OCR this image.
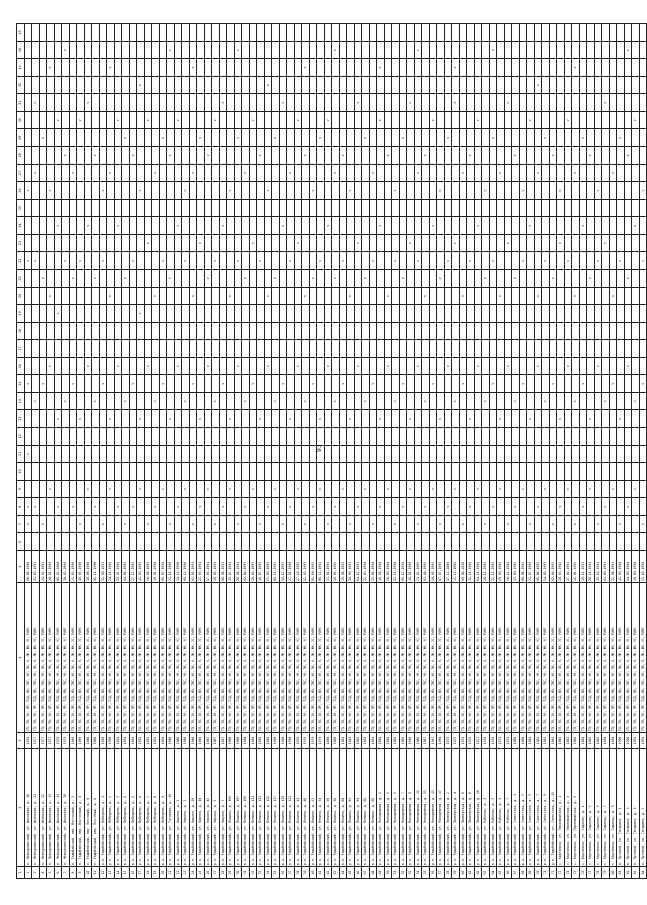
93
1	2	3	4	5	6	7	8	9	10	11	12	13	14	15	16	17	18	19	20	21	22	23	24	25	26	27	28	29	30	31	32	33	34	35
2	п. Новоурвинский, ул. Школьная, д. 10	1978	ТП, ТО, ЗО, ПР, ТСД, ВО, ГВС, УО, ПХ, К, ЛК, ФК, ЭС, РАМС	08.06.1990		v	v			v				v							v				v									
3	п. Новоурвинский, ул. Школьная, д. 11	1977	ТП, ТО, ЗО, ПР, ТСД, ВО, ГВС, УО, ПХ, К, ЛК, ФК, ЭС, РАМС	21.05.1991			v						v								v					v				v				
4	п. Новоурвинский, ул. Школьная, д. 12	1977	ТП, ТО, ЗО, ПР, ТСД, ВО, ГВС, УО, ПХ, К, ЛК, ФК, ЭС, РАМС	24.02.1991		v								v						v								v						
5	п. Новоурвинский, ул. Школьная, д. 13	1977	ТП, ТО, ЗО, ПР, ТСД, ВО, ГВС, УО, ПХ, К, ЛК, ФК, ЭС, РАМС	20.01.1991				v							v				v						v							v		
6	п. Новоурвинский, ул. Школьная, д. 14	1979	ТП, ТО, ЗО, ПР, ТСД, ВО, ГВС, УО, ПХ, К, ЛК, ФК, ЭС, РАМС	06.02.2004			v					v						v					v						v					
7	п. Новоурвинский, ул. Школьная, д. 16	1979	ТП, ТО, ЗО, ПР, ТСД, ВО, ГВС, УО, ПХ, К, ЛК, ФК, ЭС, РАМС	30.03.2004									v								v						v						v	
8	п. Тадыбейский, пер. Восточный, д. 2	1989	ТП, ТО, ЗО, ПР, ТСД, ВО, ГВС, УО, ПХ, К, ЛК, ФК, ЭС, РАМС	23.03.1990			v							v						v						v								
9	п. Тадыбейский, пер. Восточный, д. 4	1989	ТП, ТО, ЗО, ПР, ТСД, ВО, ГВС, УО, ПХ, К, ЛК, ФК, ЭС, РАМС	10.05.1990		v						v									v								v					
10	п. Тадыбейский, пер. Почтовый, д. 6	1988	ТП, ТО, ЗО, ПР, ТСД, ВО, ГВС, УО, ПХ, К, ЛК, ФК, ЭС, РАМС	18.08.1990				v							v								v							v				
11	п. Тадыбейский, пер. Почтовый, д. 8	1988	ТП, ТО, ЗО, ПР, ТСД, ВО, ГВС, УО, ПХ, К, ЛК, ФК, ЭС, РАМС	01.11.1990			v						v							v							v							
12	р.п. Тадыбейский, ул. Лебедева, д. 1	1990	ТП, ТО, ЗО, ПР, ТСД, ВО, ГВС, УО, ПХ, К, ЛК, ФК, ЭС, РАМС	12.09.1991		v								v							v				v									
13	р.п. Тадыбейский, ул. Лебедева, д. 2	1990	ТП, ТО, ЗО, ПР, ТСД, ВО, ГВС, УО, ПХ, К, ЛК, ФК, ЭС, РАМС	24.11.1992				v				v							v							v						v		
14	р.п. Тадыбейский, ул. Лебедева, д. 3	1991	ТП, ТО, ЗО, ПР, ТСД, ВО, ГВС, УО, ПХ, К, ЛК, ФК, ЭС, РАМС	19.02.1992			v								v								v						v					
15	р.п. Тадыбейский, ул. Лебедева, д. 4	1991	ТП, ТО, ЗО, ПР, ТСД, ВО, ГВС, УО, ПХ, К, ЛК, ФК, ЭС, РАМС	04.06.1992		v							v							v								v						
16	р.п. Тадыбейский, ул. Лебедева, д. 5	1992	ТП, ТО, ЗО, ПР, ТСД, ВО, ГВС, УО, ПХ, К, ЛК, ФК, ЭС, РАМС	27.12.1992			v							v							v						v							
17	р.п. Тадыбейский, ул. Лебедева, д. 6	1992	ТП, ТО, ЗО, ПР, ТСД, ВО, ГВС, УО, ПХ, К, ЛК, ФК, ЭС, РАМС	11.03.1993				v				v						v							v						v			
18	р.п. Тадыбейский, ул. Лебедева, д. 7	1993	ТП, ТО, ЗО, ПР, ТСД, ВО, ГВС, УО, ПХ, К, ЛК, ФК, ЭС, РАМС	30.08.1993		v									v							v							v					
19	р.п. Тадыбейский, ул. Лебедева, д. 8	1993	ТП, ТО, ЗО, ПР, ТСД, ВО, ГВС, УО, ПХ, К, ЛК, ФК, ЭС, РАМС	16.01.1994			v						v						v							v								
20	р.п. Тадыбейский, ул. Лебедева, д. 9	1994	ТП, ТО, ЗО, ПР, ТСД, ВО, ГВС, УО, ПХ, К, ЛК, ФК, ЭС, РАМС	05.07.1994				v						v							v							v						
21	р.п. Тадыбейский, ул. Гагарина, д. 19	1988	ТП, ТО, ЗО, ПР, ТСД, ВО, ГВС, УО, ПХ, К, ЛК, ФК, ЭС, РАМС	25.10.1990		v						v								v							v						v	
22	р.п. Тадыбейский, ул. Кирова, д. 1	1986	ТП, ТО, ЗО, ПР, ТСД, ВО, ГВС, УО, ПХ, К, ЛК, ФК, ЭС, РАМС	14.11.1990			v								v								v						v					
23	р.п. Тадыбейский, ул. Кирова, д. 3	1986	ТП, ТО, ЗО, ПР, ТСД, ВО, ГВС, УО, ПХ, К, ЛК, ФК, ЭС, РАМС	09.12.1990				v					v								v				v									
24	р.п. Тадыбейский, ул. Кирова, д. 28	1986	ТП, ТО, ЗО, ПР, ТСД, ВО, ГВС, УО, ПХ, К, ЛК, ФК, ЭС, РАМС	03.02.1991		v								v					v							v						v		
25	р.п. Тадыбейский, ул. Кирова, д. 40	1986	ТП, ТО, ЗО, ПР, ТСД, ВО, ГВС, УО, ПХ, К, ЛК, ФК, ЭС, РАМС	22.03.1991			v					v										v						v						
26	р.п. Тадыбейский, ул. Кирова, д. 42	1987	ТП, ТО, ЗО, ПР, ТСД, ВО, ГВС, УО, ПХ, К, ЛК, ФК, ЭС, РАМС	17.04.1991				v							v					v							v							
27	р.п. Тадыбейский, ул. Кирова, д. 5	1987	ТП, ТО, ЗО, ПР, ТСД, ВО, ГВС, УО, ПХ, К, ЛК, ФК, ЭС, РАМС	28.05.1991		v							v								v								v					
28	р.п. Тадыбейский, ул. Кирова, д. 7	1987	ТП, ТО, ЗО, ПР, ТСД, ВО, ГВС, УО, ПХ, К, ЛК, ФК, ЭС, РАМС	06.06.1991			v							v									v							v				
29	р.п. Тадыбейский, ул. Ленина, д. 105	1988	ТП, ТО, ЗО, ПР, ТСД, ВО, ГВС, УО, ПХ, К, ЛК, ФК, ЭС, РАМС	15.07.1991				v				v							v						v									
30	р.п. Тадыбейский, ул. Ленина, д. 107	1988	ТП, ТО, ЗО, ПР, ТСД, ВО, ГВС, УО, ПХ, К, ЛК, ФК, ЭС, РАМС	26.08.1991		v									v						v							v					v	
31	р.п. Тадыбейский, ул. Ленина, д. 109	1988	ТП, ТО, ЗО, ПР, ТСД, ВО, ГВС, УО, ПХ, К, ЛК, ФК, ЭС, РАМС	02.04.1993			v						v							v						v								
32	р.п. Тадыбейский, ул. Ленина, д. 111	1989	ТП, ТО, ЗО, ПР, ТСД, ВО, ГВС, УО, ПХ, К, ЛК, ФК, ЭС, РАМС	19.05.1993				v						v								v							v					
33	р.п. Тадыбейский, ул. Ленина, д. 113	1989	ТП, ТО, ЗО, ПР, ТСД, ВО, ГВС, УО, ПХ, К, ЛК, ФК, ЭС, РАМС	10.07.1993		v						v									v						v							
34	р.п. Тадыбейский, ул. Ленина, д. 115	1989	ТП, ТО, ЗО, ПР, ТСД, ВО, ГВС, УО, ПХ, К, ЛК, ФК, ЭС, РАМС	23.09.1993			v								v				v						v						v			
35	р.п. Тадыбейский, ул. Ленина, д. 117	1990	ТП, ТО, ЗО, ПР, ТСД, ВО, ГВС, УО, ПХ, К, ЛК, ФК, ЭС, РАМС	08.11.1993				v					v							v								v						
36	р.п. Тадыбейский, ул. Ленина, д. 119	1990	ТП, ТО, ЗО, ПР, ТСД, ВО, ГВС, УО, ПХ, К, ЛК, ФК, ЭС, РАМС	14.12.1993		v								v									v							v				
37	р.п. Тадыбейский, ул. Ленина, д. 121	1990	ТП, ТО, ЗО, ПР, ТСД, ВО, ГВС, УО, ПХ, К, ЛК, ФК, ЭС, РАМС	27.01.1994			v					v									v					v								
38	р.п. Тадыбейский, ул. Ленина, д. 44	1976	ТП, ТО, ЗО, ПР, ТСД, ВО, ГВС, УО, ПХ, К, ЛК, ФК, ЭС, РАМС	27.10.1992				v							v							v							v					
39	р.п. Тадыбейский, ул. Ленина, д. 48	1976	ТП, ТО, ЗО, ПР, ТСД, ВО, ГВС, УО, ПХ, К, ЛК, ФК, ЭС, РАМС	11.03.1992		v							v						v								v					v		
40	р.п. Тадыбейский, ул. Ленина, д. 52	1979	ТП, ТО, ЗО, ПР, ТСД, ВО, ГВС, УО, ПХ, К, ЛК, ФК, ЭС, РАМС	01.09.1992			v							v						v					v									
41	р.п. Тадыбейский, ул. Ленина, д. 54	1979	ТП, ТО, ЗО, ПР, ТСД, ВО, ГВС, УО, ПХ, К, ЛК, ФК, ЭС, РАМС	06.11.1992				v				v									v							v						
42	р.п. Тадыбейский, ул. Ленина, д. 56	1980	ТП, ТО, ЗО, ПР, ТСД, ВО, ГВС, УО, ПХ, К, ЛК, ФК, ЭС, РАМС	13.02.1993		v									v								v						v					
43	р.п. Тадыбейский, ул. Ленина, д. 58	1980	ТП, ТО, ЗО, ПР, ТСД, ВО, ГВС, УО, ПХ, К, ЛК, ФК, ЭС, РАМС	20.05.1993			v						v							v						v							v	
44	р.п. Тадыбейский, ул. Ленина, д. 60	1981	ТП, ТО, ЗО, ПР, ТСД, ВО, ГВС, УО, ПХ, К, ЛК, ФК, ЭС, РАМС	29.06.1993				v						v							v						v							
45	р.п. Тадыбейский, ул. Ленина, д. 62	1981	ТП, ТО, ЗО, ПР, ТСД, ВО, ГВС, УО, ПХ, К, ЛК, ФК, ЭС, РАМС	18.09.1993		v						v							v						v									
46	р.п. Тадыбейский, ул. Ленина, д. 64	1982	ТП, ТО, ЗО, ПР, ТСД, ВО, ГВС, УО, ПХ, К, ЛК, ФК, ЭС, РАМС	04.12.1993			v								v							v								v				
47	р.п. Тадыбейский, ул. Ленина, д. 66	1982	ТП, ТО, ЗО, ПР, ТСД, ВО, ГВС, УО, ПХ, К, ЛК, ФК, ЭС, РАМС	22.03.1994				v					v							v								v						
48	р.п. Тадыбейский, ул. Ленина, д. 68	1983	ТП, ТО, ЗО, ПР, ТСД, ВО, ГВС, УО, ПХ, К, ЛК, ФК, ЭС, РАМС	15.06.1994		v								v							v					v								
49	р.п. Тадыбейский, ул. Молодежная, д. 1	1984	ТП, ТО, ЗО, ПР, ТСД, ВО, ГВС, УО, ПХ, К, ЛК, ФК, ЭС, РАМС	10.08.1994			v					v											v						v			v		
50	р.п. Тадыбейский, ул. Молодежная, д. 3	1984	ТП, ТО, ЗО, ПР, ТСД, ВО, ГВС, УО, ПХ, К, ЛК, ФК, ЭС, РАМС	28.09.1994				v							v				v								v							
51	р.п. Тадыбейский, ул. Молодежная, д. 5	1985	ТП, ТО, ЗО, ПР, ТСД, ВО, ГВС, УО, ПХ, К, ЛК, ФК, ЭС, РАМС	12.11.1994		v							v								v				v									
52	р.п. Тадыбейский, ул. Молодежная, д. 7	1985	ТП, ТО, ЗО, ПР, ТСД, ВО, ГВС, УО, ПХ, К, ЛК, ФК, ЭС, РАМС	05.12.1994			v							v						v								v						
53	р.п. Тадыбейский, ул. Молодежная, д. 9	1986	ТП, ТО, ЗО, ПР, ТСД, ВО, ГВС, УО, ПХ, К, ЛК, ФК, ЭС, РАМС	16.01.1995				v				v										v								v				
54	р.п. Тадыбейский, ул. Молодежная, д. 11	1986	ТП, ТО, ЗО, ПР, ТСД, ВО, ГВС, УО, ПХ, К, ЛК, ФК, ЭС, РАМС	24.02.1995		v									v						v					v							v	
55	р.п. Тадыбейский, ул. Молодежная, д. 13	1987	ТП, ТО, ЗО, ПР, ТСД, ВО, ГВС, УО, ПХ, К, ЛК, ФК, ЭС, РАМС	03.04.1995			v						v						v								v							
56	р.п. Тадыбейский, ул. Молодежная, д. 15	1987	ТП, ТО, ЗО, ПР, ТСД, ВО, ГВС, УО, ПХ, К, ЛК, ФК, ЭС, РАМС	19.05.1995				v						v									v						v					
57	р.п. Тадыбейский, ул. Молодежная, д. 17	1988	ТП, ТО, ЗО, ПР, ТСД, ВО, ГВС, УО, ПХ, К, ЛК, ФК, ЭС, РАМС	07.07.1995		v						v								v					v									
58	р.п. Тадыбейский, ул. Пионерская, д. 2	1975	ТП, ТО, ЗО, ПР, ТСД, ВО, ГВС, УО, ПХ, К, ЛК, ФК, ЭС, РАМС	17.12.2009			v								v						v							v						
59	р.п. Тадыбейский, ул. Пионерская, д. 4	1975	ТП, ТО, ЗО, ПР, ТСД, ВО, ГВС, УО, ПХ, К, ЛК, ФК, ЭС, РАМС	21.11.1992				v					v									v								v		v		
60	р.п. Тадыбейский, ул. Пионерская, д. 6	1976	ТП, ТО, ЗО, ПР, ТСД, ВО, ГВС, УО, ПХ, К, ЛК, ФК, ЭС, РАМС	09.06.2010		v								v					v							v								
61	р.п. Тадыбейский, ул. Пионерская, д. 8	1976	ТП, ТО, ЗО, ПР, ТСД, ВО, ГВС, УО, ПХ, К, ЛК, ФК, ЭС, РАМС	11.11.1992			v					v									v						v							
62	р.п. Тадыбейский, ул. Пионерская, д. 10	1977	ТП, ТО, ЗО, ПР, ТСД, ВО, ГВС, УО, ПХ, К, ЛК, ФК, ЭС, РАМС	04.11.1992				v							v								v						v					
63	р.п. Тадыбейский, ул. Рабочая, д. 1	1978	ТП, ТО, ЗО, ПР, ТСД, ВО, ГВС, УО, ПХ, К, ЛК, ФК, ЭС, РАМС	28.11.1992		v							v							v					v									
64	р.п. Тадыбейский, ул. Рабочая, д. 3	1978	ТП, ТО, ЗО, ПР, ТСД, ВО, ГВС, УО, ПХ, К, ЛК, ФК, ЭС, РАМС	22.11.1992			v							v							v							v					v	
65	р.п. Тадыбейский, ул. Рабочая, д. 5	1979	ТП, ТО, ЗО, ПР, ТСД, ВО, ГВС, УО, ПХ, К, ЛК, ФК, ЭС, РАМС	29.09.1992				v				v							v							v								
66	р.п. Тадыбейский, ул. Рабочая, д. 7	1979	ТП, ТО, ЗО, ПР, ТСД, ВО, ГВС, УО, ПХ, К, ЛК, ФК, ЭС, РАМС	30.11.1992		v									v							v								v				
67	р.п. Тадыбейский, ул. Советская, д. 1	1980	ТП, ТО, ЗО, ПР, ТСД, ВО, ГВС, УО, ПХ, К, ЛК, ФК, ЭС, РАМС	13.09.1992			v						v							v							v							
68	р.п. Тадыбейский, ул. Советская, д. 3	1980	ТП, ТО, ЗО, ПР, ТСД, ВО, ГВС, УО, ПХ, К, ЛК, ФК, ЭС, РАМС	08.08.1992				v						v							v				v									
69	р.п. Тадыбейский, ул. Советская, д. 5	1981	ТП, ТО, ЗО, ПР, ТСД, ВО, ГВС, УО, ПХ, К, ЛК, ФК, ЭС, РАМС	25.07.1992		v						v											v						v					
70	р.п. Тадыбейский, ул. Советская, д. 7	1981	ТП, ТО, ЗО, ПР, ТСД, ВО, ГВС, УО, ПХ, К, ЛК, ФК, ЭС, РАМС	06.06.1992			v								v				v							v					v			
71	р.п. Тадыбейский, ул. Советская, д. 9	1982	ТП, ТО, ЗО, ПР, ТСД, ВО, ГВС, УО, ПХ, К, ЛК, ФК, ЭС, РАМС	14.05.1992				v					v								v							v						
72	р.п. Тадыбейский, ул. Советская, д. 11	1982	ТП, ТО, ЗО, ПР, ТСД, ВО, ГВС, УО, ПХ, К, ЛК, ФК, ЭС, РАМС	02.04.1992		v								v						v							v							
73	с. Каргопиха, ул. Первомайская, д. 1	1983	ТП, ТО, ЗО, ПР, ТСД, ВО, ГВС, УО, ПХ, К, ЛК, ФК, ЭС, РАМС	18.03.1992			v					v										v			v									
74	с. Каргопиха, ул. Первомайская, д. 3	1983	ТП, ТО, ЗО, ПР, ТСД, ВО, ГВС, УО, ПХ, К, ЛК, ФК, ЭС, РАМС	27.02.1992				v							v						v								v					
75	с. Каргопиха, ул. Первомайская, д. 5	1984	ТП, ТО, ЗО, ПР, ТСД, ВО, ГВС, УО, ПХ, К, ЛК, ФК, ЭС, РАМС	11.01.1992		v							v						v							v						v		
76	с. Каргопиха, ул. Садовая, д. 1	1984	ТП, ТО, ЗО, ПР, ТСД, ВО, ГВС, УО, ПХ, К, ЛК, ФК, ЭС, РАМС	19.12.1991			v							v									v					v						
77	с. Каргопиха, ул. Садовая, д. 3	1985	ТП, ТО, ЗО, ПР, ТСД, ВО, ГВС, УО, ПХ, К, ЛК, ФК, ЭС, РАМС	26.11.1991				v				v								v							v							
78	с. Каргопиха, ул. Садовая, д. 5	1985	ТП, ТО, ЗО, ПР, ТСД, ВО, ГВС, УО, ПХ, К, ЛК, ФК, ЭС, РАМС	15.10.1991		v									v						v				v									
79	с. Каргопиха, ул. Садовая, д. 7	1986	ТП, ТО, ЗО, ПР, ТСД, ВО, ГВС, УО, ПХ, К, ЛК, ФК, ЭС, РАМС	03.09.1991			v						v									v								v				
80	с. Каргопиха, ул. Садовая, д. 9	1986	ТП, ТО, ЗО, ПР, ТСД, ВО, ГВС, УО, ПХ, К, ЛК, ФК, ЭС, РАМС	22.08.1991				v						v					v							v								
81	п. Луговой, ул. Гагарина, д. 1	1990	ТП, ТО, ЗО, ПР, ТСД, ВО, ГВС, УО, ПХ, К, ЛК, ФК, ЭС, РАМС	11.09.1994		v						v									v							v						
82	п. Луговой, ул. Гагарина, д. 3	1990	ТП, ТО, ЗО, ПР, ТСД, ВО, ГВС, УО, ПХ, К, ЛК, ФК, ЭС, РАМС	14.09.1994			v								v					v							v						v	
83	п. Луговой, ул. Гагарина, д. 5	1991	ТП, ТО, ЗО, ПР, ТСД, ВО, ГВС, УО, ПХ, К, ЛК, ФК, ЭС, РАМС	28.09.1994				v					v										v						v					
84	п. Луговой, ул. Гагарина, д. 7	1991	ТП, ТО, ЗО, ПР, ТСД, ВО, ГВС, УО, ПХ, К, ЛК, ФК, ЭС, РАМС	12.10.1994		v								v							v				v									
